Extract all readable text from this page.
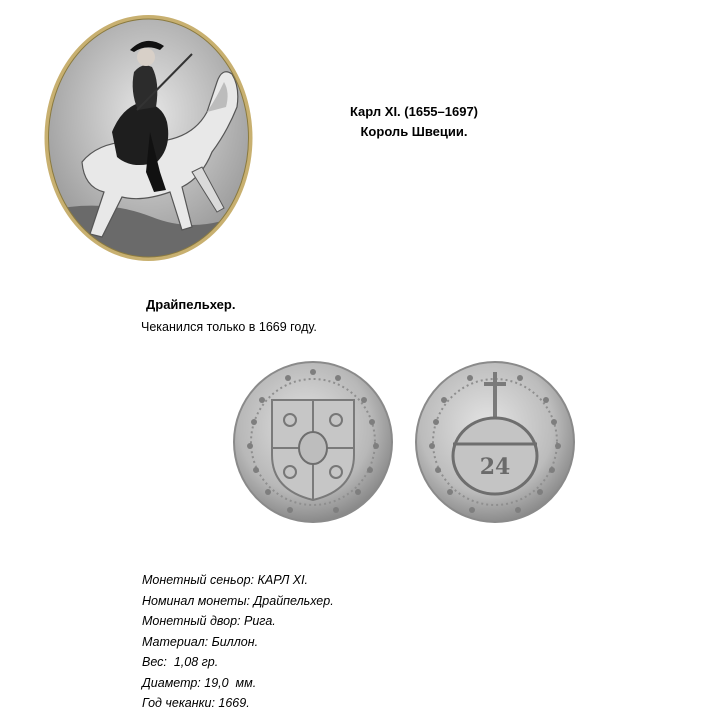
Карл XI. (1655–1697)
Король Швеции.
Драйпельхер.
Чеканился только в 1669 году.
24
Монетный сеньор: КАРЛ XI.
Номинал монеты: Драйпельхер.
Монетный двор: Рига.
Материал: Биллон.
Вес:  1,08 гр.
Диаметр: 19,0  мм.
Год чеканки: 1669.
